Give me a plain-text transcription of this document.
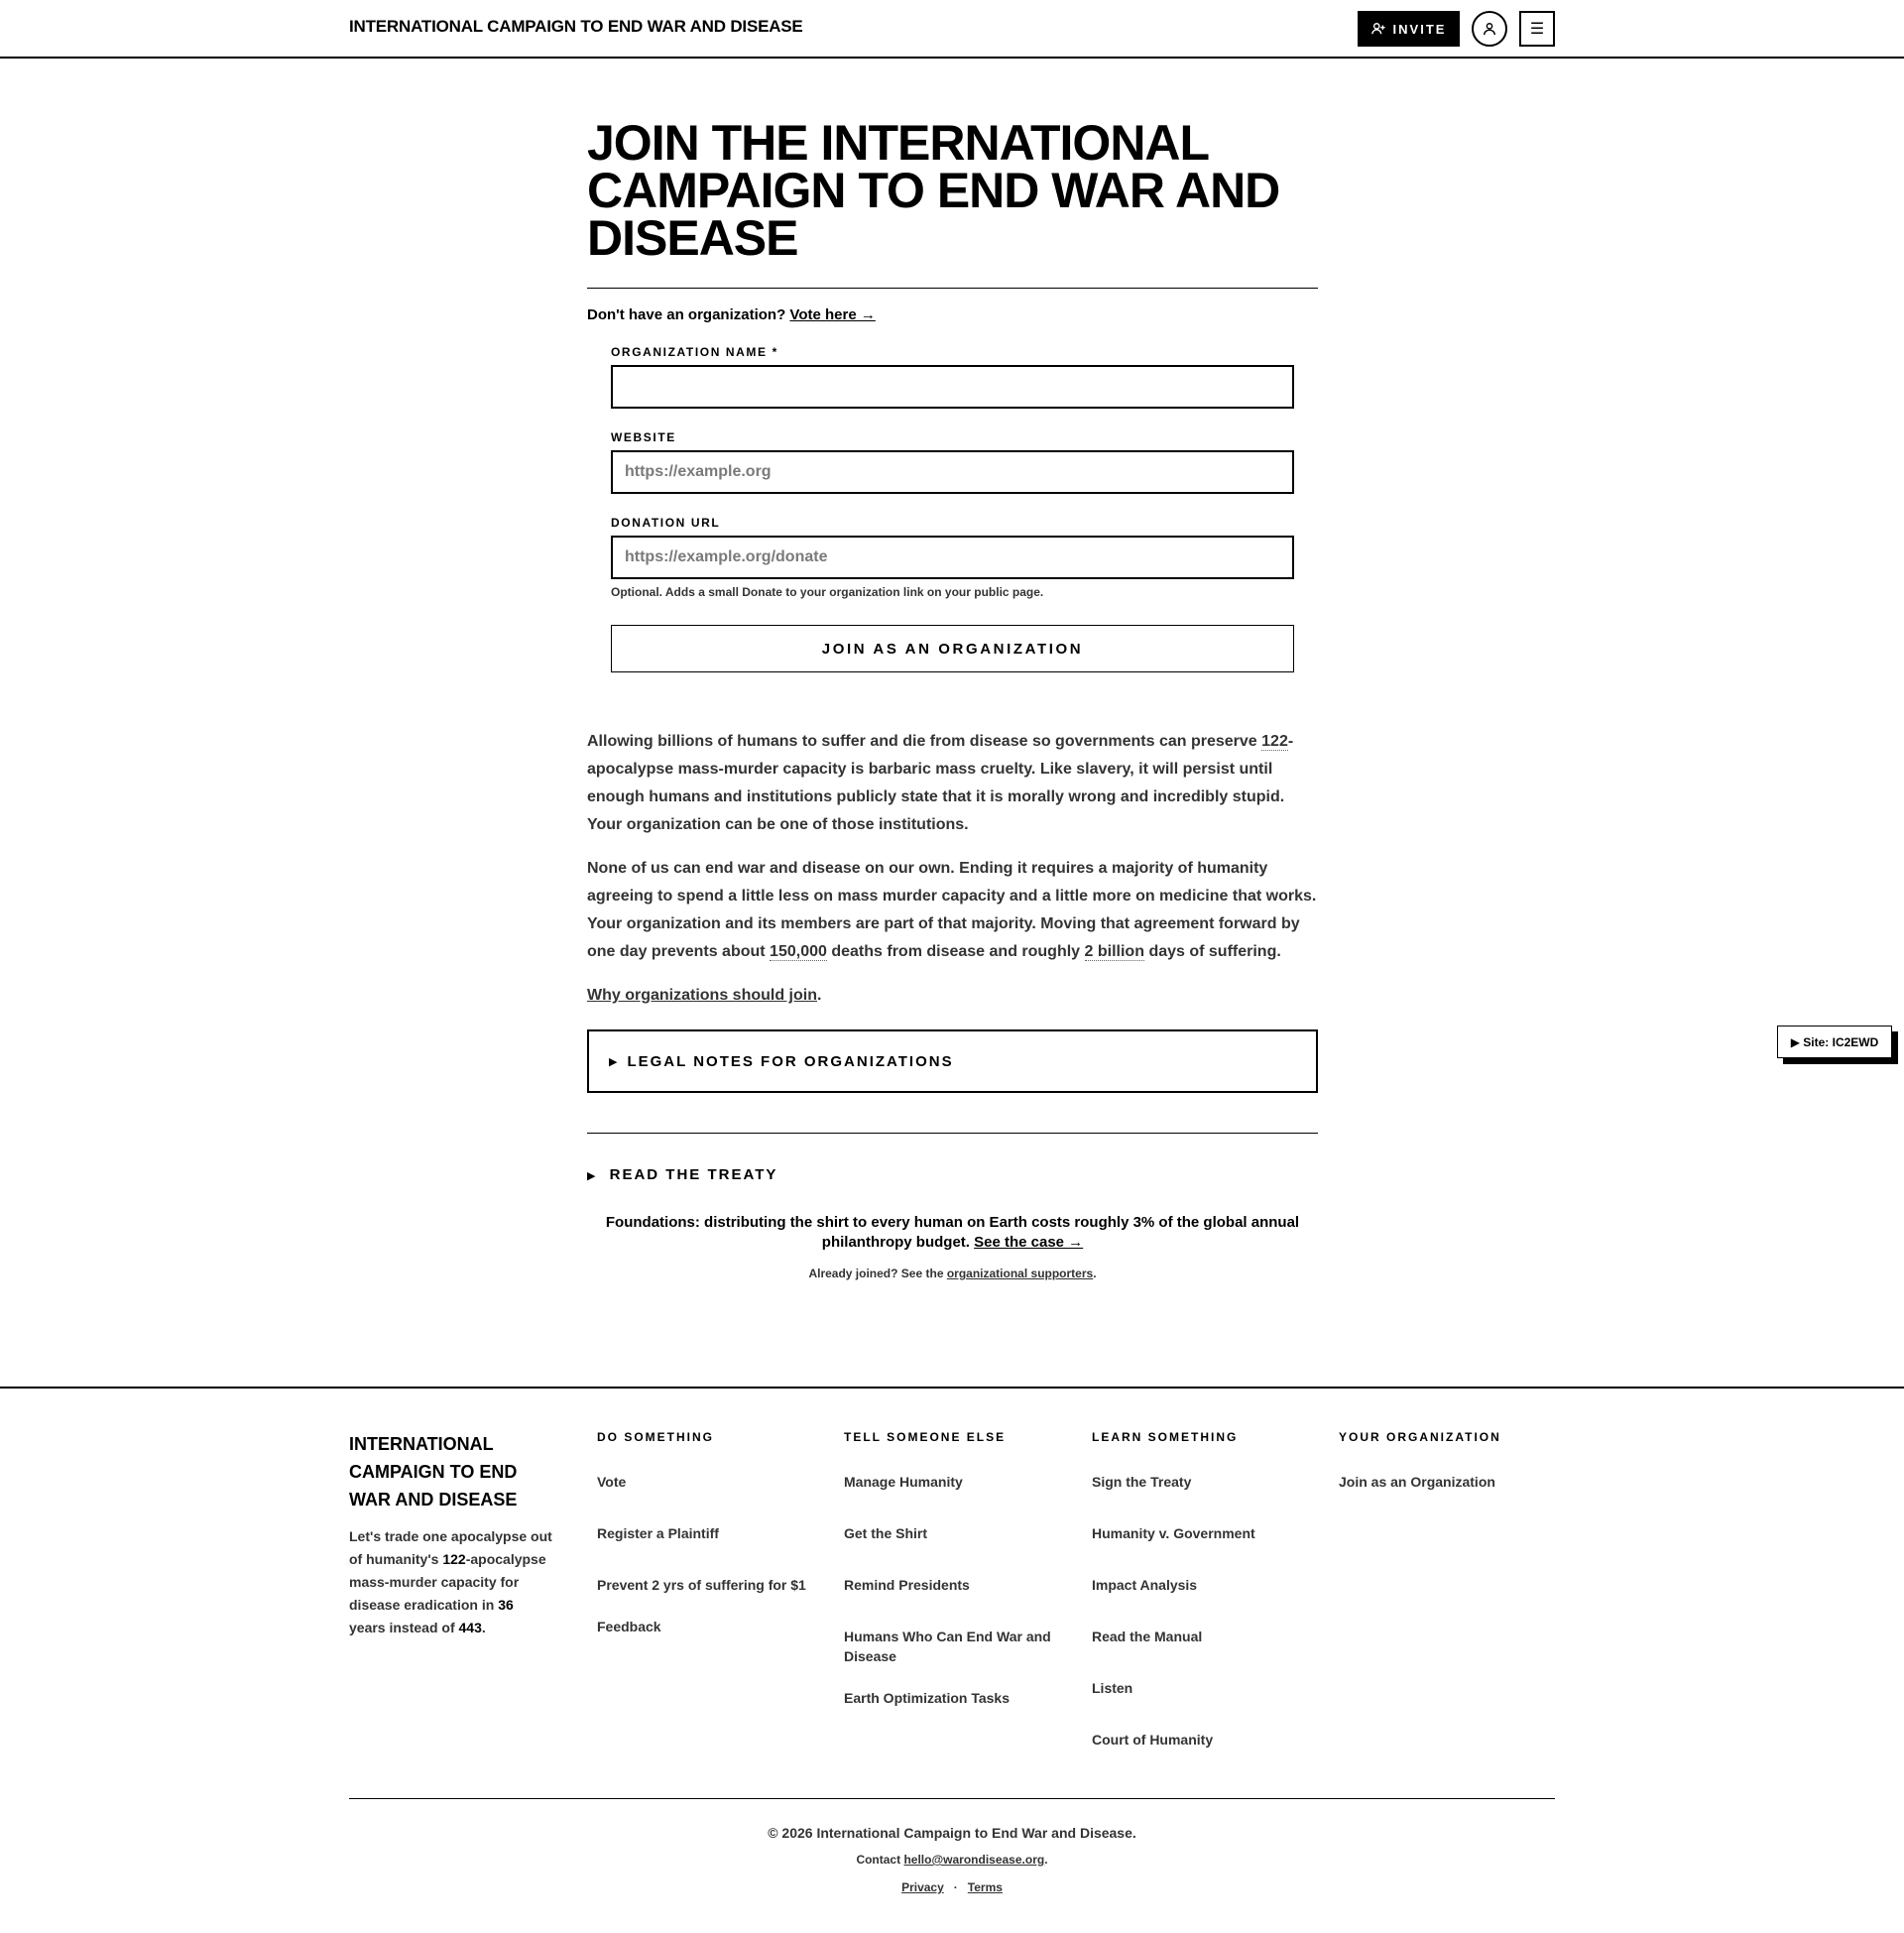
INTERNATIONAL CAMPAIGN TO END WAR AND DISEASE	INVITE	☰
JOIN THE INTERNATIONAL CAMPAIGN TO END WAR AND DISEASE
Don't have an organization? Vote here →
ORGANIZATION NAME *
WEBSITE
https://example.org
DONATION URL
https://example.org/donate
Optional. Adds a small Donate to your organization link on your public page.
JOIN AS AN ORGANIZATION

Allowing billions of humans to suffer and die from disease so governments can preserve 122-apocalypse mass-murder capacity is barbaric mass cruelty. Like slavery, it will persist until enough humans and institutions publicly state that it is morally wrong and incredibly stupid. Your organization can be one of those institutions.

None of us can end war and disease on our own. Ending it requires a majority of humanity agreeing to spend a little less on mass murder capacity and a little more on medicine that works. Your organization and its members are part of that majority. Moving that agreement forward by one day prevents about 150,000 deaths from disease and roughly 2 billion days of suffering.

Why organizations should join.

▶ LEGAL NOTES FOR ORGANIZATIONS
▶ READ THE TREATY
Foundations: distributing the shirt to every human on Earth costs roughly 3% of the global annual philanthropy budget. See the case →
Already joined? See the organizational supporters.
▶ Site: IC2EWD
INTERNATIONAL CAMPAIGN TO END WAR AND DISEASE
Let's trade one apocalypse out of humanity's 122-apocalypse mass-murder capacity for disease eradication in 36 years instead of 443.
DO SOMETHING
Vote
Register a Plaintiff
Prevent 2 yrs of suffering for $1
Feedback
TELL SOMEONE ELSE
Manage Humanity
Get the Shirt
Remind Presidents
Humans Who Can End War and Disease
Earth Optimization Tasks
LEARN SOMETHING
Sign the Treaty
Humanity v. Government
Impact Analysis
Read the Manual
Listen
Court of Humanity
YOUR ORGANIZATION
Join as an Organization
© 2026 International Campaign to End War and Disease.
Contact hello@warondisease.org.
Privacy · Terms
